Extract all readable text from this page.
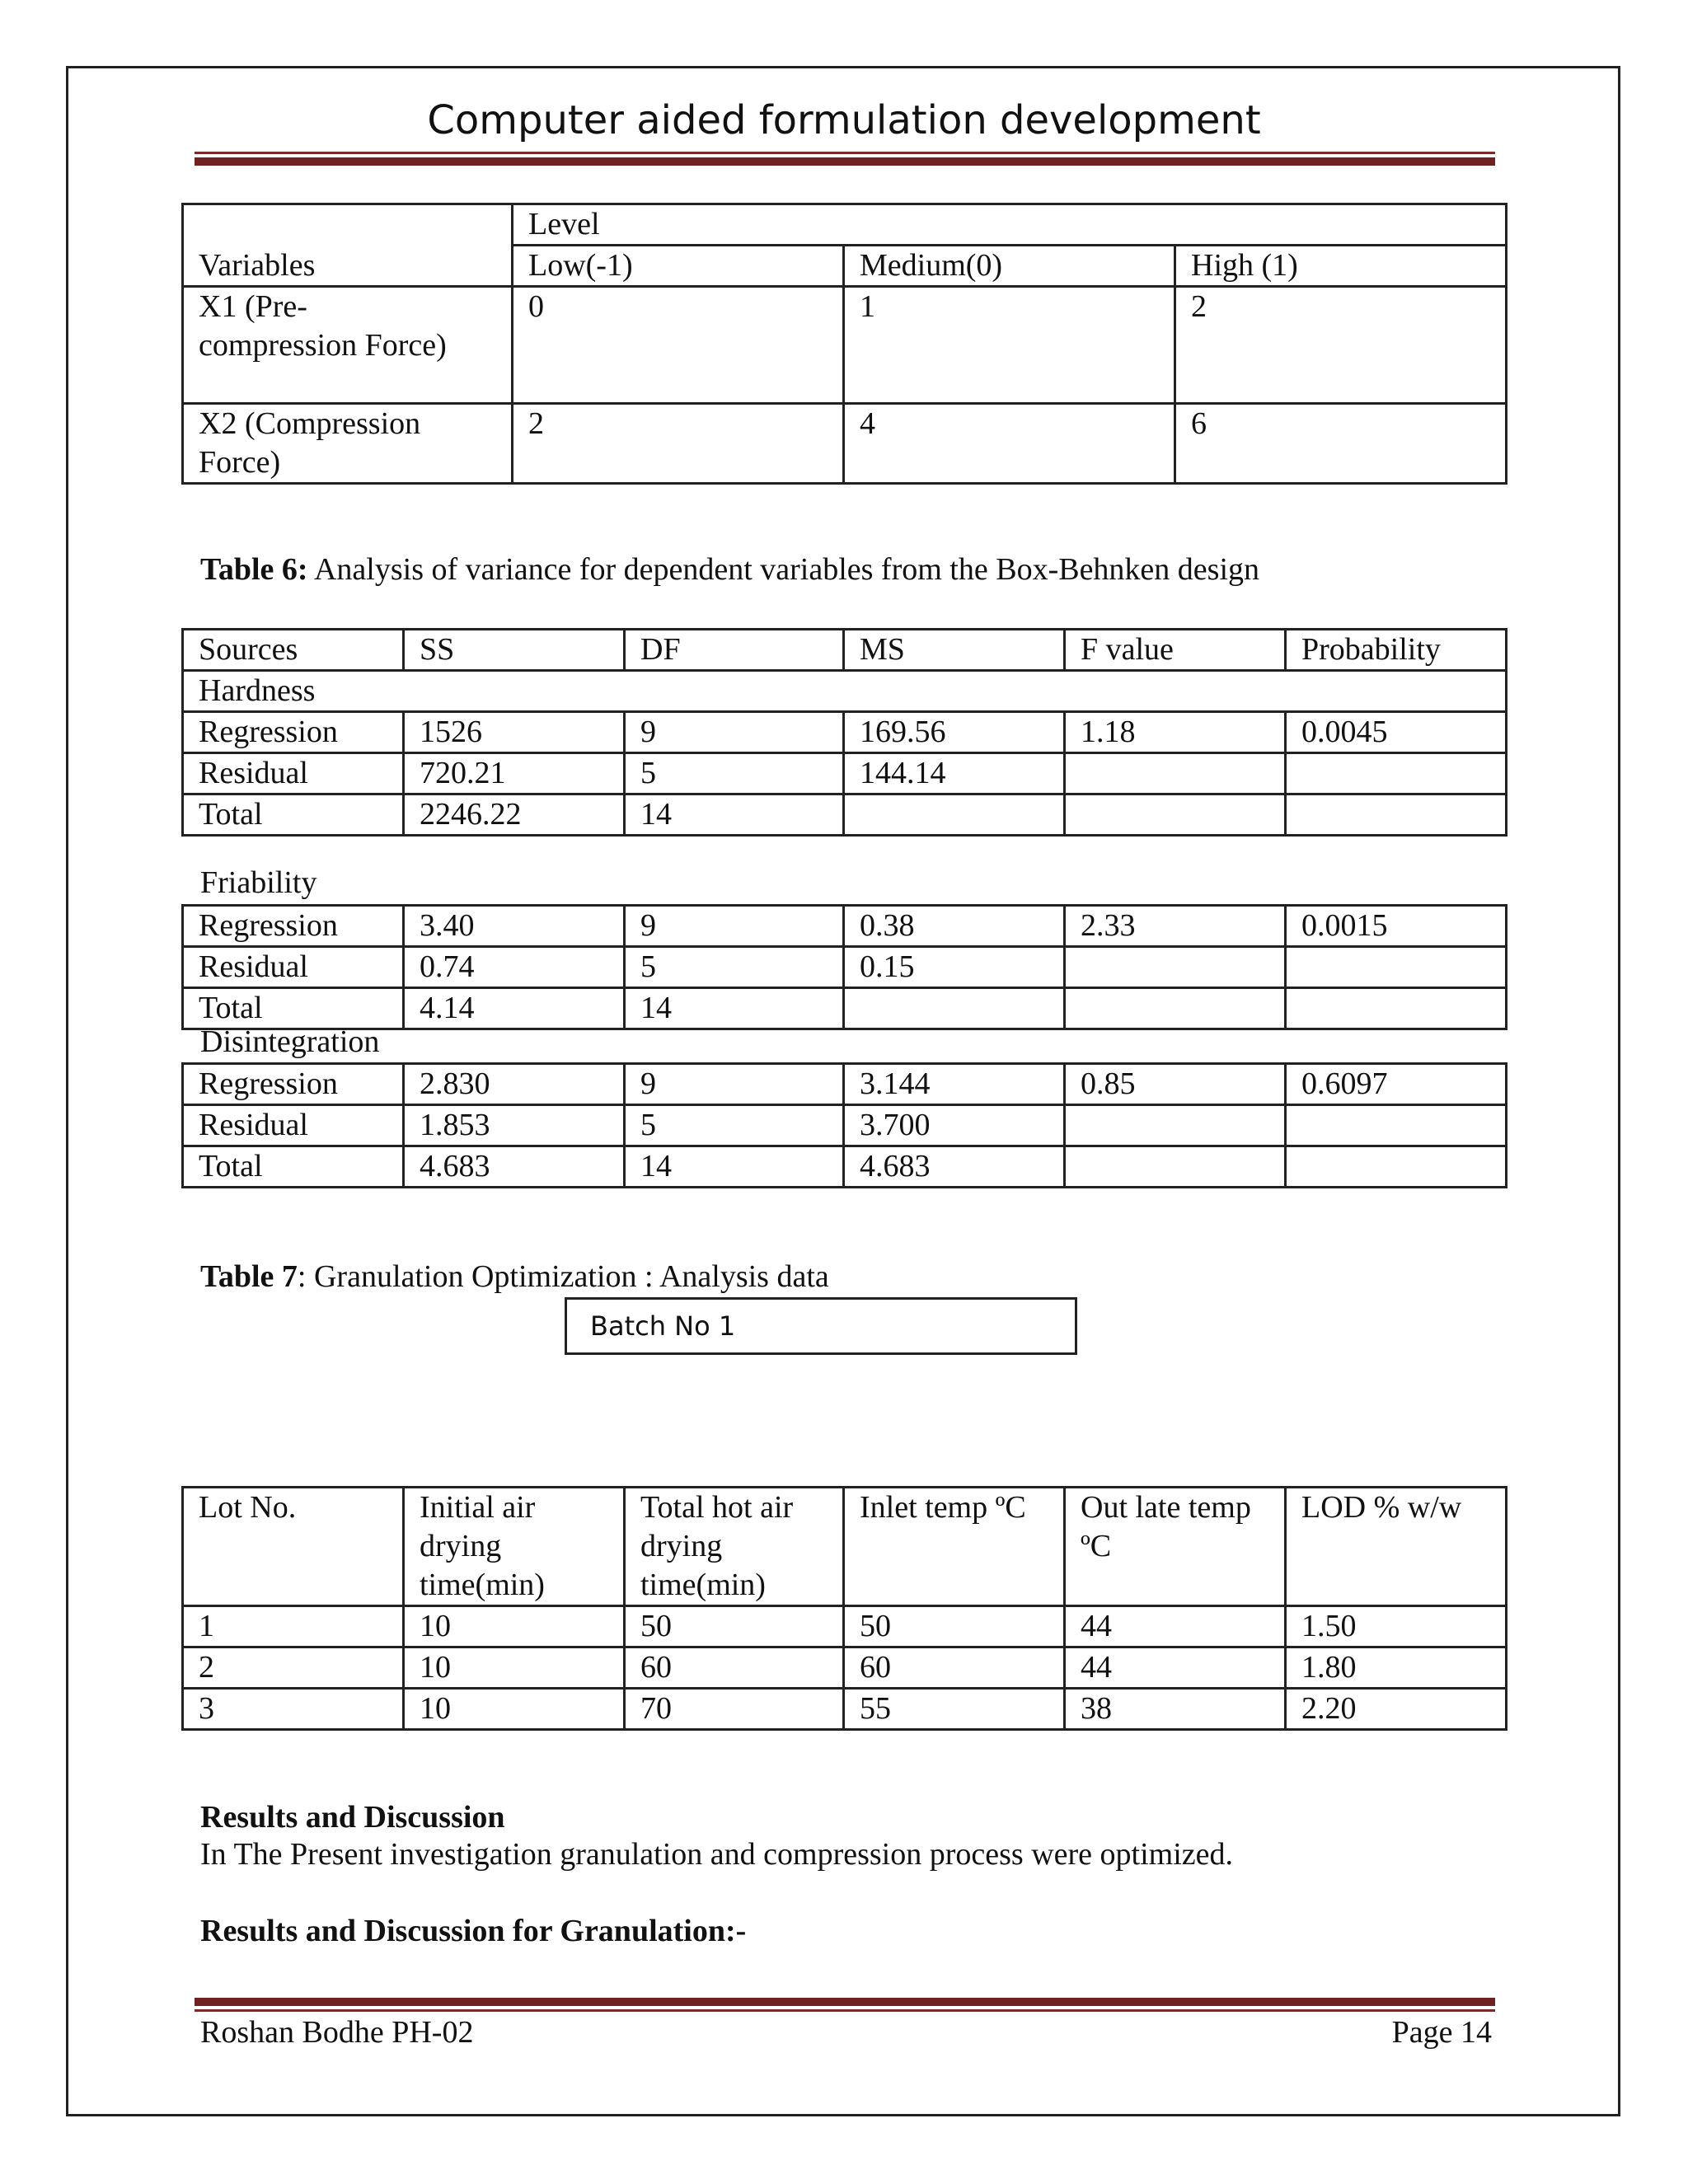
Computer aided formulation development
Variables	Level		
	Low(-1)	Medium(0)	High (1)
X1 (Pre-compression Force)	0	1	2
X2 (Compression Force)	2	4	6
Table 6: Analysis of variance for dependent variables from the Box-Behnken design
Sources	SS	DF	MS	F value	Probability
Hardness					
Regression	1526	9	169.56	1.18	0.0045
Residual	720.21	5	144.14		
Total	2246.22	14			
Friability
Regression	3.40	9	0.38	2.33	0.0015
Residual	0.74	5	0.15		
Total	4.14	14			
Disintegration
Regression	2.830	9	3.144	0.85	0.6097
Residual	1.853	5	3.700		
Total	4.683	14	4.683		
Table 7: Granulation Optimization : Analysis data
Batch No 1
Lot No.	Initial air drying time(min)	Total hot air drying time(min)	Inlet temp ºC	Out late temp ºC	LOD % w/w
1	10	50	50	44	1.50
2	10	60	60	44	1.80
3	10	70	55	38	2.20
Results and Discussion
In The Present investigation granulation and compression process were optimized.
Results and Discussion for Granulation:-
Roshan Bodhe PH-02	Page 14
